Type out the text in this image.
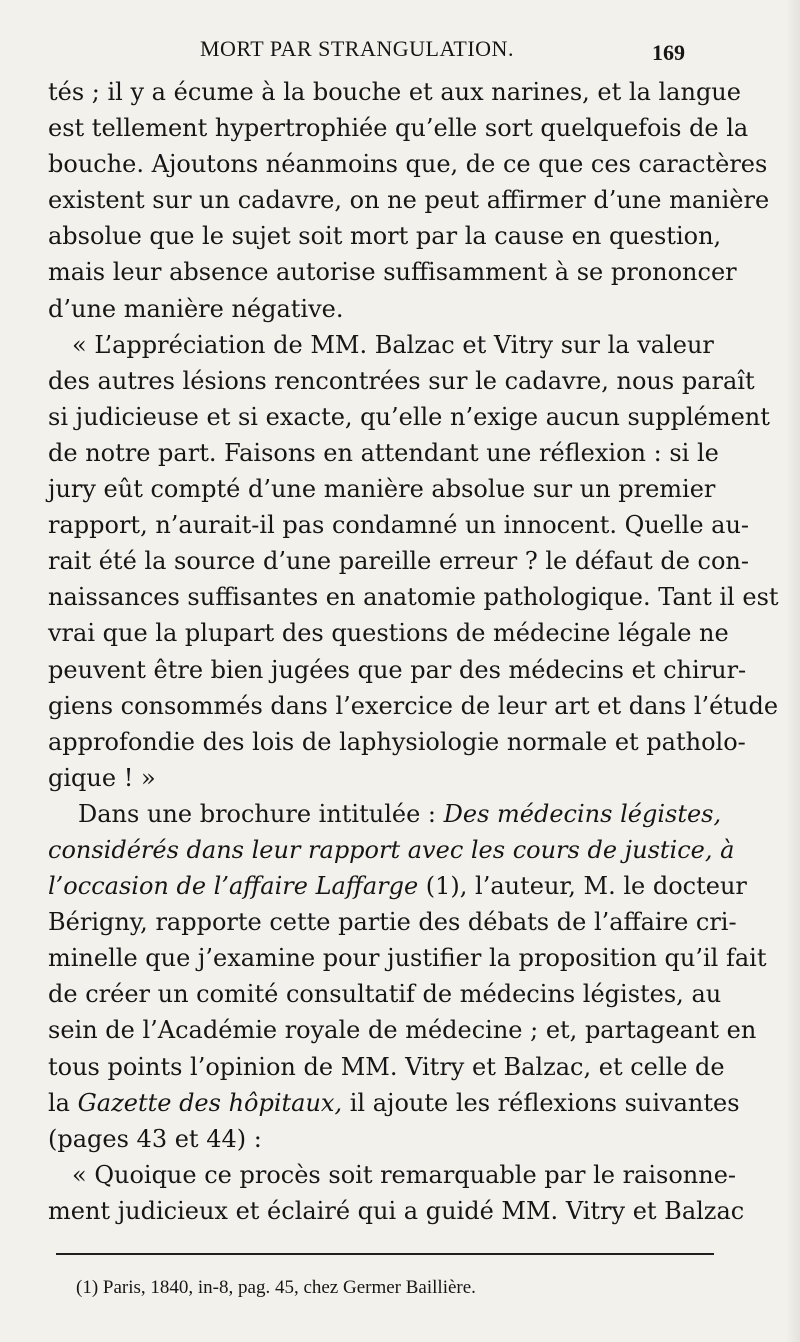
MORT PAR STRANGULATION.	169
tés ; il y a écume à la bouche et aux narines, et la langue
est tellement hypertrophiée qu’elle sort quelquefois de la
bouche. Ajoutons néanmoins que, de ce que ces caractères
existent sur un cadavre, on ne peut affirmer d’une manière
absolue que le sujet soit mort par la cause en question,
mais leur absence autorise suffisamment à se prononcer
d’une manière négative.
« L’appréciation de MM. Balzac et Vitry sur la valeur
des autres lésions rencontrées sur le cadavre, nous paraît
si judicieuse et si exacte, qu’elle n’exige aucun supplément
de notre part. Faisons en attendant une réflexion : si le
jury eût compté d’une manière absolue sur un premier
rapport, n’aurait-il pas condamné un innocent. Quelle au-
rait été la source d’une pareille erreur ? le défaut de con-
naissances suffisantes en anatomie pathologique. Tant il est
vrai que la plupart des questions de médecine légale ne
peuvent être bien jugées que par des médecins et chirur-
giens consommés dans l’exercice de leur art et dans l’étude
approfondie des lois de laphysiologie normale et patholo-
gique ! »
Dans une brochure intitulée : Des médecins légistes,
considérés dans leur rapport avec les cours de justice, à
l’occasion de l’affaire Laffarge (1), l’auteur, M. le docteur
Bérigny, rapporte cette partie des débats de l’affaire cri-
minelle que j’examine pour justifier la proposition qu’il fait
de créer un comité consultatif de médecins légistes, au
sein de l’Académie royale de médecine ; et, partageant en
tous points l’opinion de MM. Vitry et Balzac, et celle de
la Gazette des hôpitaux, il ajoute les réflexions suivantes
(pages 43 et 44) :
« Quoique ce procès soit remarquable par le raisonne-
ment judicieux et éclairé qui a guidé MM. Vitry et Balzac
(1) Paris, 1840, in-8, pag. 45, chez Germer Baillière.
